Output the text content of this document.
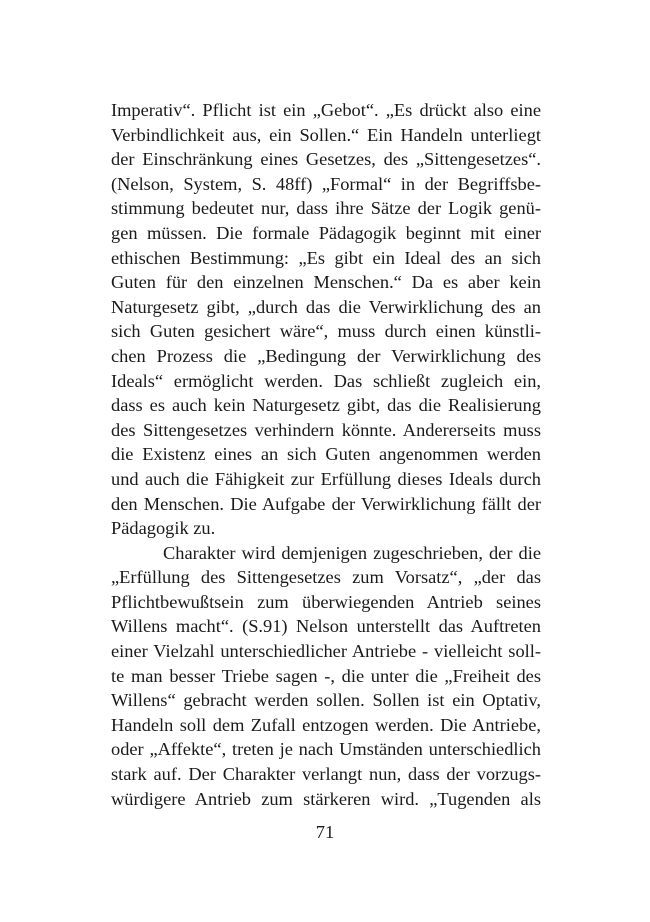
Imperativ“. Pflicht ist ein „Gebot“. „Es drückt also eine
Verbindlichkeit aus, ein Sollen.“ Ein Handeln unterliegt
der Einschränkung eines Gesetzes, des „Sittengesetzes“.
(Nelson, System, S. 48ff) „Formal“ in der Begriffsbe-
stimmung bedeutet nur, dass ihre Sätze der Logik genü-
gen müssen. Die formale Pädagogik beginnt mit einer
ethischen Bestimmung: „Es gibt ein Ideal des an sich
Guten für den einzelnen Menschen.“ Da es aber kein
Naturgesetz gibt, „durch das die Verwirklichung des an
sich Guten gesichert wäre“, muss durch einen künstli-
chen Prozess die „Bedingung der Verwirklichung des
Ideals“ ermöglicht werden. Das schließt zugleich ein,
dass es auch kein Naturgesetz gibt, das die Realisierung
des Sittengesetzes verhindern könnte. Andererseits muss
die Existenz eines an sich Guten angenommen werden
und auch die Fähigkeit zur Erfüllung dieses Ideals durch
den Menschen. Die Aufgabe der Verwirklichung fällt der
Pädagogik zu.
Charakter wird demjenigen zugeschrieben, der die
„Erfüllung des Sittengesetzes zum Vorsatz“, „der das
Pflichtbewußtsein zum überwiegenden Antrieb seines
Willens macht“. (S.91) Nelson unterstellt das Auftreten
einer Vielzahl unterschiedlicher Antriebe - vielleicht soll-
te man besser Triebe sagen -, die unter die „Freiheit des
Willens“ gebracht werden sollen. Sollen ist ein Optativ,
Handeln soll dem Zufall entzogen werden. Die Antriebe,
oder „Affekte“, treten je nach Umständen unterschiedlich
stark auf. Der Charakter verlangt nun, dass der vorzugs-
würdigere Antrieb zum stärkeren wird. „Tugenden als
71
